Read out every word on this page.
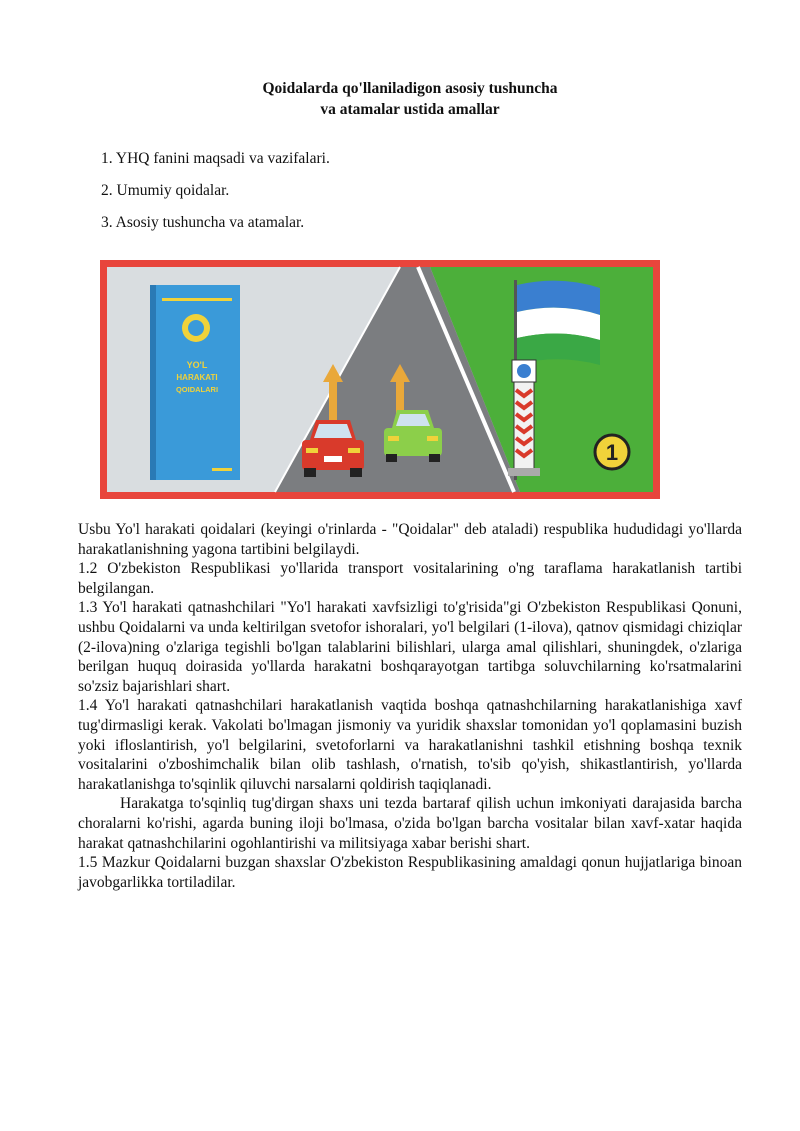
Qoidalarda qo'llaniladigon asosiy tushuncha
va atamalar ustida amallar
1. YHQ fanini maqsadi va vazifalari.
2. Umumiy qoidalar.
3. Asosiy tushuncha va atamalar.
YO'L
HARAKATI
QOIDALARI
1

Usbu Yo'l harakati qoidalari (keyingi o'rinlarda - "Qoidalar" deb ataladi) respublika hududidagi yo'llarda harakatlanishning yagona tartibini belgilaydi.

1.2 O'zbekiston Respublikasi yo'llarida transport vositalarining o'ng taraflama harakatlanish tartibi belgilangan.

1.3 Yo'l harakati qatnashchilari "Yo'l harakati xavfsizligi to'g'risida"gi O'zbekiston Respublikasi Qonuni, ushbu Qoidalarni va unda keltirilgan svetofor ishoralari, yo'l belgilari (1-ilova), qatnov qismidagi chiziqlar (2-ilova)ning o'zlariga tegishli bo'lgan talablarini bilishlari, ularga amal qilishlari, shuningdek, o'zlariga berilgan huquq doirasida yo'llarda harakatni boshqarayotgan tartibga soluvchilarning ko'rsatmalarini so'zsiz bajarishlari shart.

1.4 Yo'l harakati qatnashchilari harakatlanish vaqtida boshqa qatnashchilarning harakatlanishiga xavf tug'dirmasligi kerak. Vakolati bo'lmagan jismoniy va yuridik shaxslar tomonidan yo'l qoplamasini buzish yoki ifloslantirish, yo'l belgilarini, svetoforlarni va harakatlanishni tashkil etishning boshqa texnik vositalarini o'zboshimchalik bilan olib tashlash, o'rnatish, to'sib qo'yish, shikastlantirish, yo'llarda harakatlanishga to'sqinlik qiluvchi narsalarni qoldirish taqiqlanadi.

Harakatga to'sqinliq tug'dirgan shaxs uni tezda bartaraf qilish uchun imkoniyati darajasida barcha choralarni ko'rishi, agarda buning iloji bo'lmasa, o'zida bo'lgan barcha vositalar bilan xavf-xatar haqida harakat qatnashchilarini ogohlantirishi va militsiyaga xabar berishi shart.

1.5 Mazkur Qoidalarni buzgan shaxslar O'zbekiston Respublikasining amaldagi qonun hujjatlariga binoan javobgarlikka tortiladilar.
